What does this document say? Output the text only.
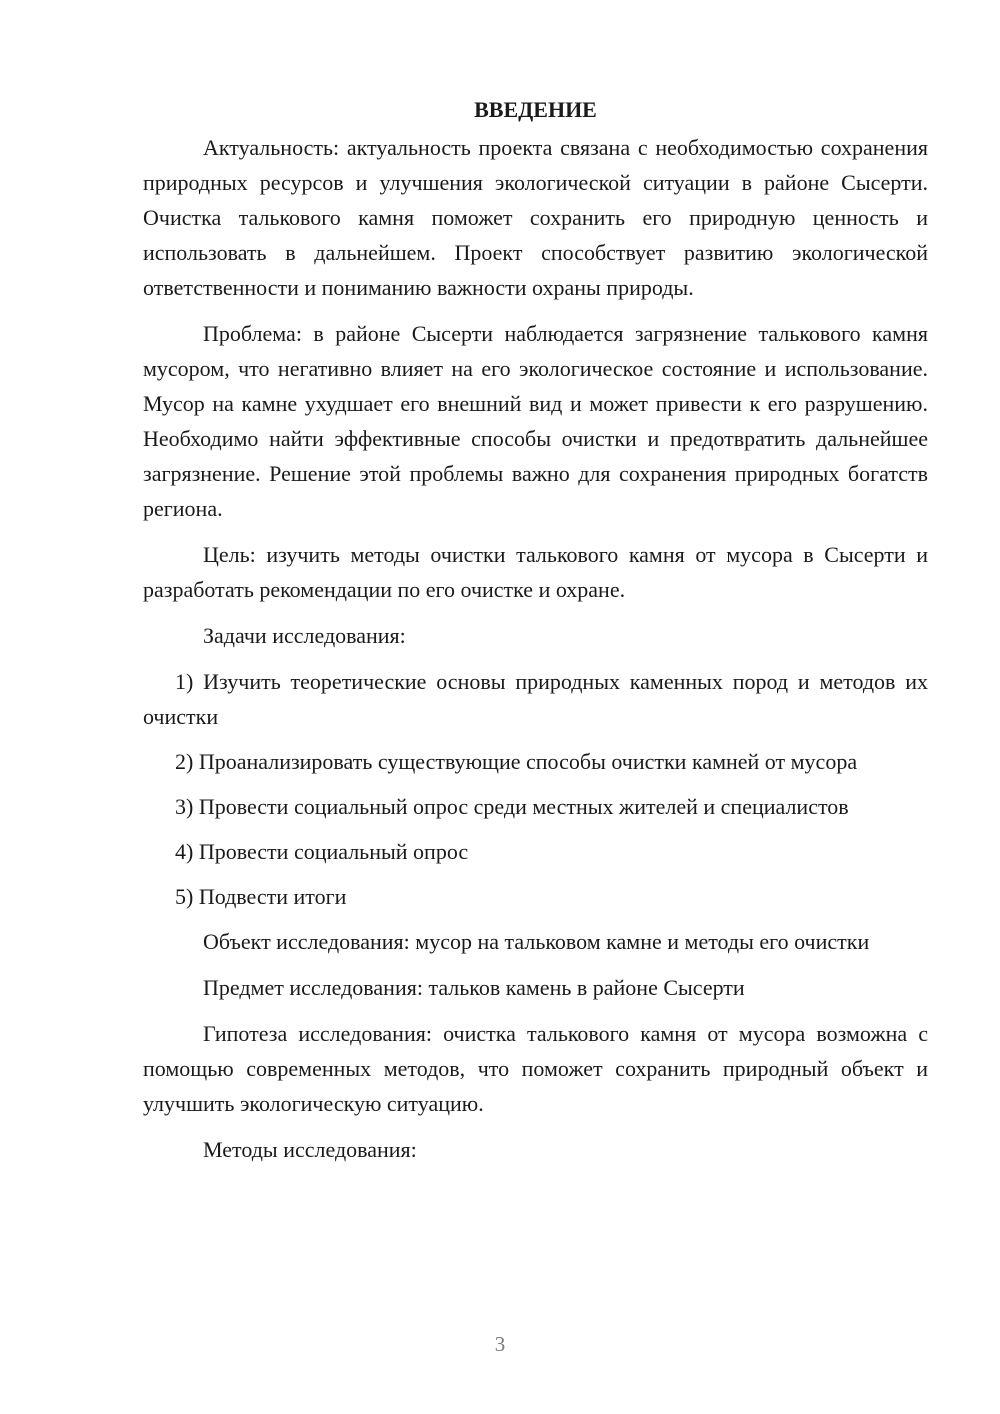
ВВЕДЕНИЕ

Актуальность: актуальность проекта связана с необходимостью сохранения природных ресурсов и улучшения экологической ситуации в районе Сысерти. Очистка талькового камня поможет сохранить его природную ценность и использовать в дальнейшем. Проект способствует развитию экологической ответственности и пониманию важности охраны природы.

Проблема: в районе Сысерти наблюдается загрязнение талькового камня мусором, что негативно влияет на его экологическое состояние и использование. Мусор на камне ухудшает его внешний вид и может привести к его разрушению. Необходимо найти эффективные способы очистки и предотвратить дальнейшее загрязнение. Решение этой проблемы важно для сохранения природных богатств региона.

Цель: изучить методы очистки талькового камня от мусора в Сысерти и разработать рекомендации по его очистке и охране.

Задачи исследования:

1) Изучить теоретические основы природных каменных пород и методов их очистки

2) Проанализировать существующие способы очистки камней от мусора

3) Провести социальный опрос среди местных жителей и специалистов

4) Провести социальный опрос

5) Подвести итоги

Объект исследования: мусор на тальковом камне и методы его очистки

Предмет исследования: тальков камень в районе Сысерти

Гипотеза исследования: очистка талькового камня от мусора возможна с помощью современных методов, что поможет сохранить природный объект и улучшить экологическую ситуацию.

Методы исследования:

3
